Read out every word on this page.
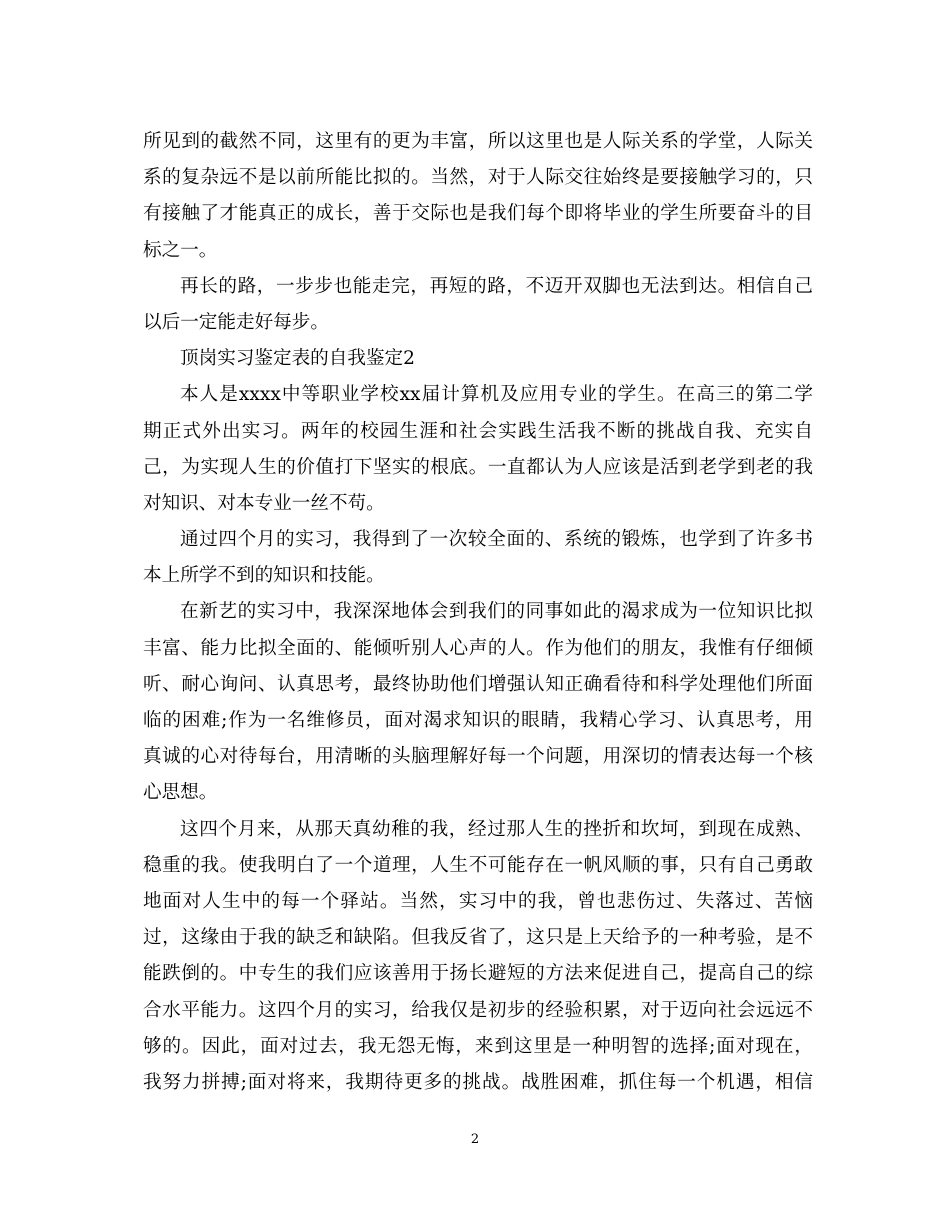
所见到的截然不同，这里有的更为丰富，所以这里也是人际关系的学堂，人际关
系的复杂远不是以前所能比拟的。当然，对于人际交往始终是要接触学习的，只
有接触了才能真正的成长，善于交际也是我们每个即将毕业的学生所要奋斗的目
标之一。
再长的路，一步步也能走完，再短的路，不迈开双脚也无法到达。相信自己
以后一定能走好每步。
顶岗实习鉴定表的自我鉴定2
本人是xxxx中等职业学校xx届计算机及应用专业的学生。在高三的第二学
期正式外出实习。两年的校园生涯和社会实践生活我不断的挑战自我、充实自
己，为实现人生的价值打下坚实的根底。一直都认为人应该是活到老学到老的我
对知识、对本专业一丝不苟。
通过四个月的实习，我得到了一次较全面的、系统的锻炼，也学到了许多书
本上所学不到的知识和技能。
在新艺的实习中，我深深地体会到我们的同事如此的渴求成为一位知识比拟
丰富、能力比拟全面的、能倾听别人心声的人。作为他们的朋友，我惟有仔细倾
听、耐心询问、认真思考，最终协助他们增强认知正确看待和科学处理他们所面
临的困难;作为一名维修员，面对渴求知识的眼睛，我精心学习、认真思考，用
真诚的心对待每台，用清晰的头脑理解好每一个问题，用深切的情表达每一个核
心思想。
这四个月来，从那天真幼稚的我，经过那人生的挫折和坎坷，到现在成熟、
稳重的我。使我明白了一个道理，人生不可能存在一帆风顺的事，只有自己勇敢
地面对人生中的每一个驿站。当然，实习中的我，曾也悲伤过、失落过、苦恼
过，这缘由于我的缺乏和缺陷。但我反省了，这只是上天给予的一种考验，是不
能跌倒的。中专生的我们应该善用于扬长避短的方法来促进自己，提高自己的综
合水平能力。这四个月的实习，给我仅是初步的经验积累，对于迈向社会远远不
够的。因此，面对过去，我无怨无悔，来到这里是一种明智的选择;面对现在，
我努力拼搏;面对将来，我期待更多的挑战。战胜困难，抓住每一个机遇，相信
2
